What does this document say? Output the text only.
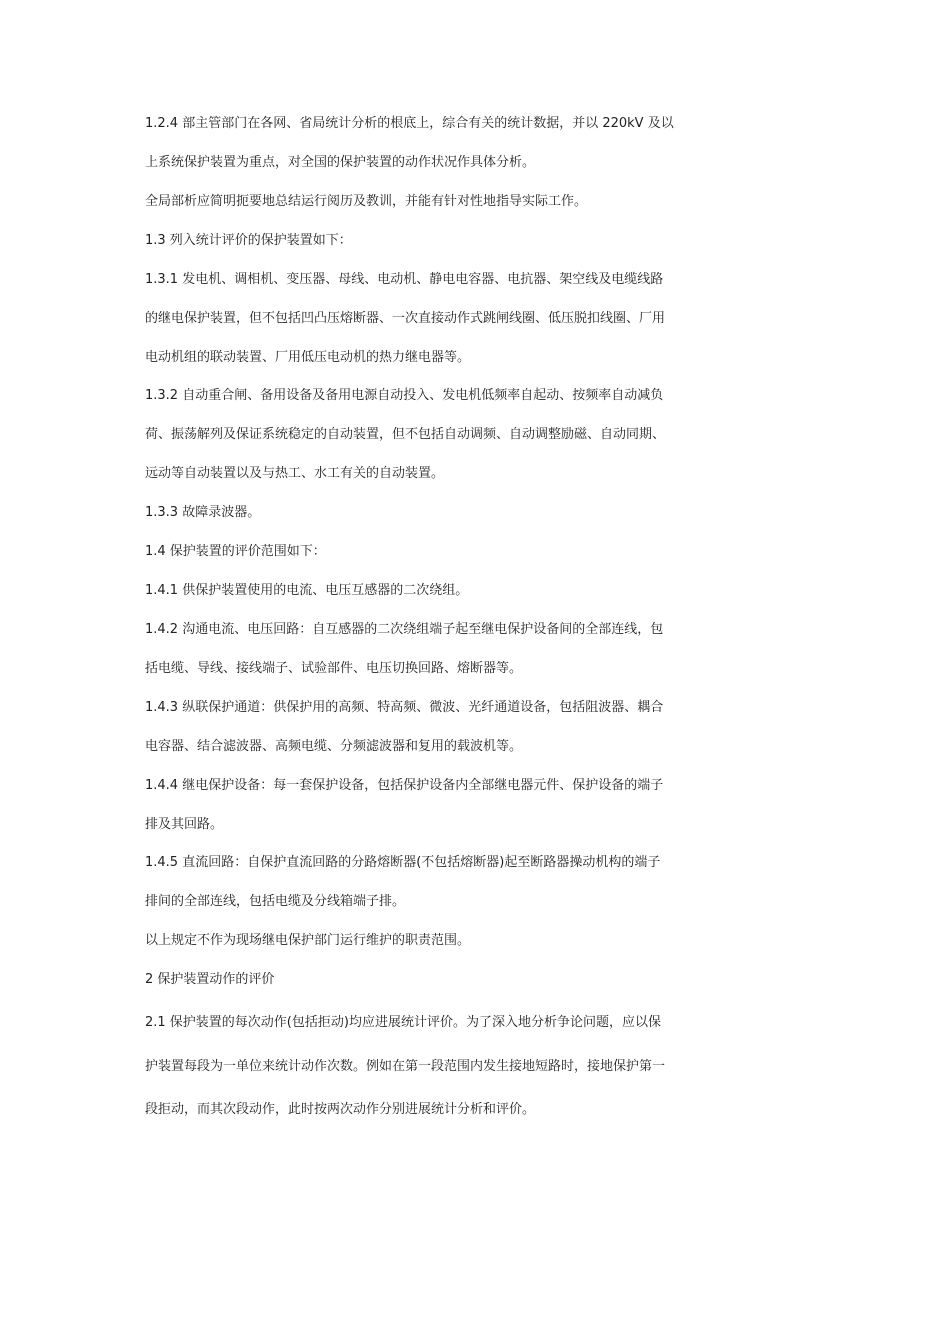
1.2.4 部主管部门在各网、省局统计分析的根底上，综合有关的统计数据，并以 220kV 及以
上系统保护装置为重点，对全国的保护装置的动作状况作具体分析。
全局部析应简明扼要地总结运行阅历及教训，并能有针对性地指导实际工作。
1.3 列入统计评价的保护装置如下：
1.3.1 发电机、调相机、变压器、母线、电动机、静电电容器、电抗器、架空线及电缆线路
的继电保护装置，但不包括凹凸压熔断器、一次直接动作式跳闸线圈、低压脱扣线圈、厂用
电动机组的联动装置、厂用低压电动机的热力继电器等。
1.3.2 自动重合闸、备用设备及备用电源自动投入、发电机低频率自起动、按频率自动减负
荷、振荡解列及保证系统稳定的自动装置，但不包括自动调频、自动调整励磁、自动同期、
远动等自动装置以及与热工、水工有关的自动装置。
1.3.3 故障录波器。
1.4 保护装置的评价范围如下：
1.4.1 供保护装置使用的电流、电压互感器的二次绕组。
1.4.2 沟通电流、电压回路：自互感器的二次绕组端子起至继电保护设备间的全部连线，包
括电缆、导线、接线端子、试验部件、电压切换回路、熔断器等。
1.4.3 纵联保护通道：供保护用的高频、特高频、微波、光纤通道设备，包括阻波器、耦合
电容器、结合滤波器、高频电缆、分频滤波器和复用的载波机等。
1.4.4 继电保护设备：每一套保护设备，包括保护设备内全部继电器元件、保护设备的端子
排及其回路。
1.4.5 直流回路：自保护直流回路的分路熔断器(不包括熔断器)起至断路器操动机构的端子
排间的全部连线，包括电缆及分线箱端子排。
以上规定不作为现场继电保护部门运行维护的职责范围。
2 保护装置动作的评价
2.1 保护装置的每次动作(包括拒动)均应进展统计评价。为了深入地分析争论问题，应以保
护装置每段为一单位来统计动作次数。例如在第一段范围内发生接地短路时，接地保护第一
段拒动，而其次段动作，此时按两次动作分别进展统计分析和评价。
